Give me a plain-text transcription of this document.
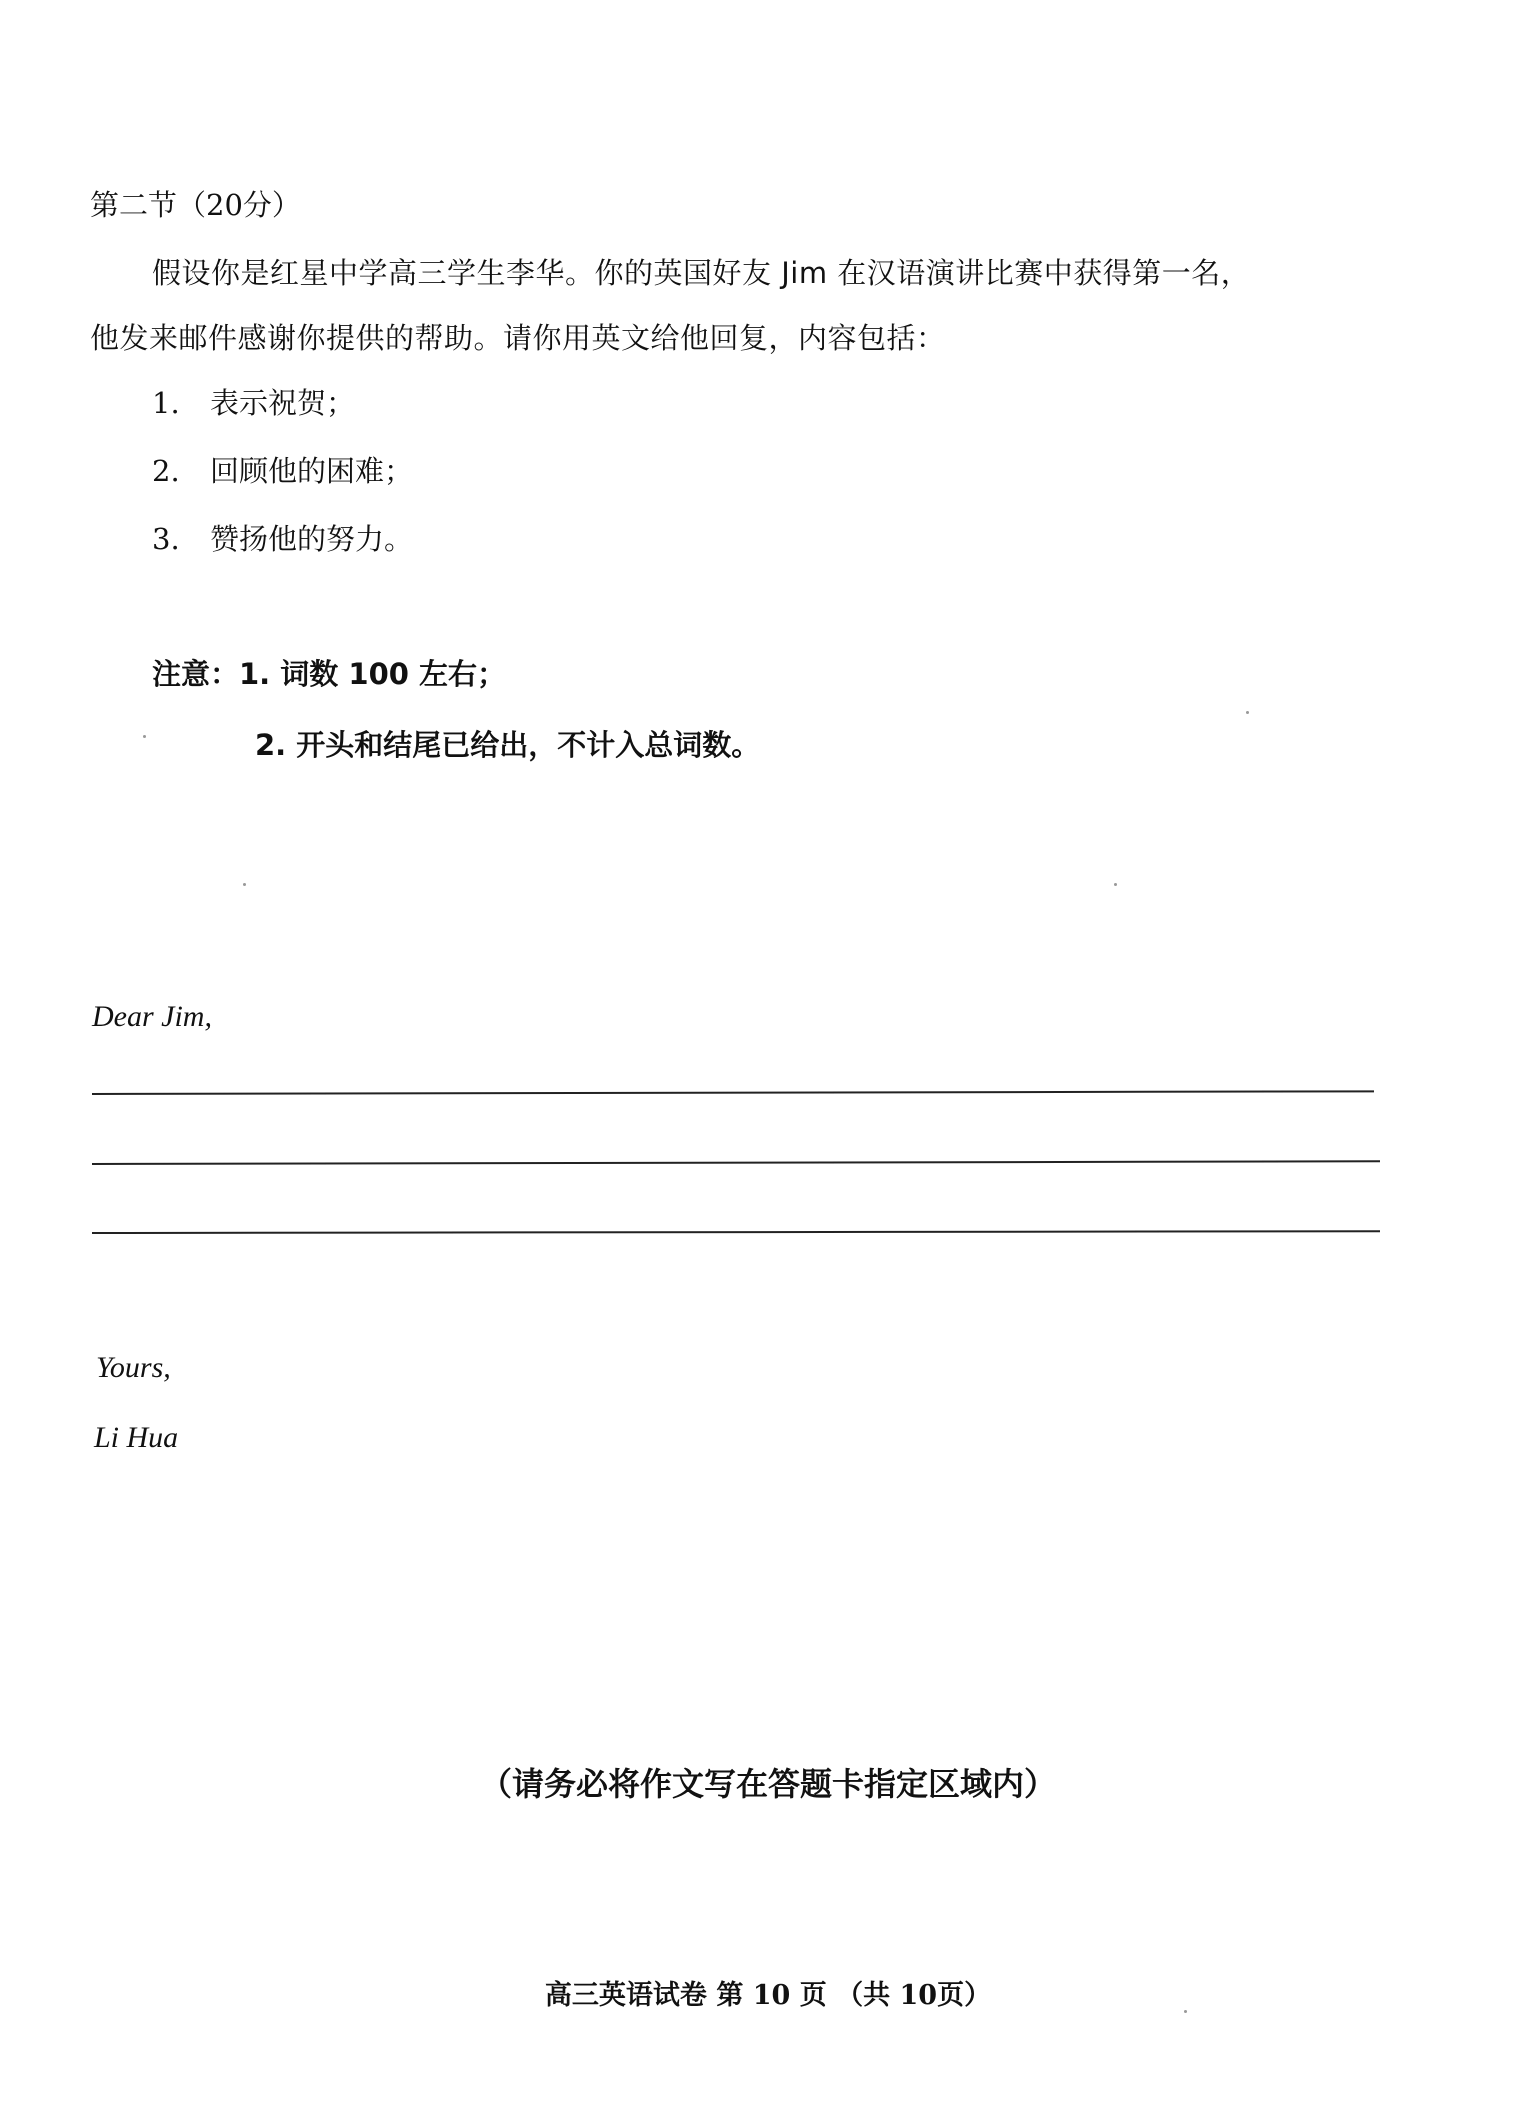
第二节（20分）
假设你是红星中学高三学生李华。你的英国好友 Jim 在汉语演讲比赛中获得第一名，
他发来邮件感谢你提供的帮助。请你用英文给他回复，内容包括：
1. 表示祝贺；
2. 回顾他的困难；
3. 赞扬他的努力。
注意：1. 词数 100 左右；
2. 开头和结尾已给出，不计入总词数。
Dear Jim,
Yours,
Li Hua
（请务必将作文写在答题卡指定区域内）
高三英语试卷 第 10 页 （共 10页）
